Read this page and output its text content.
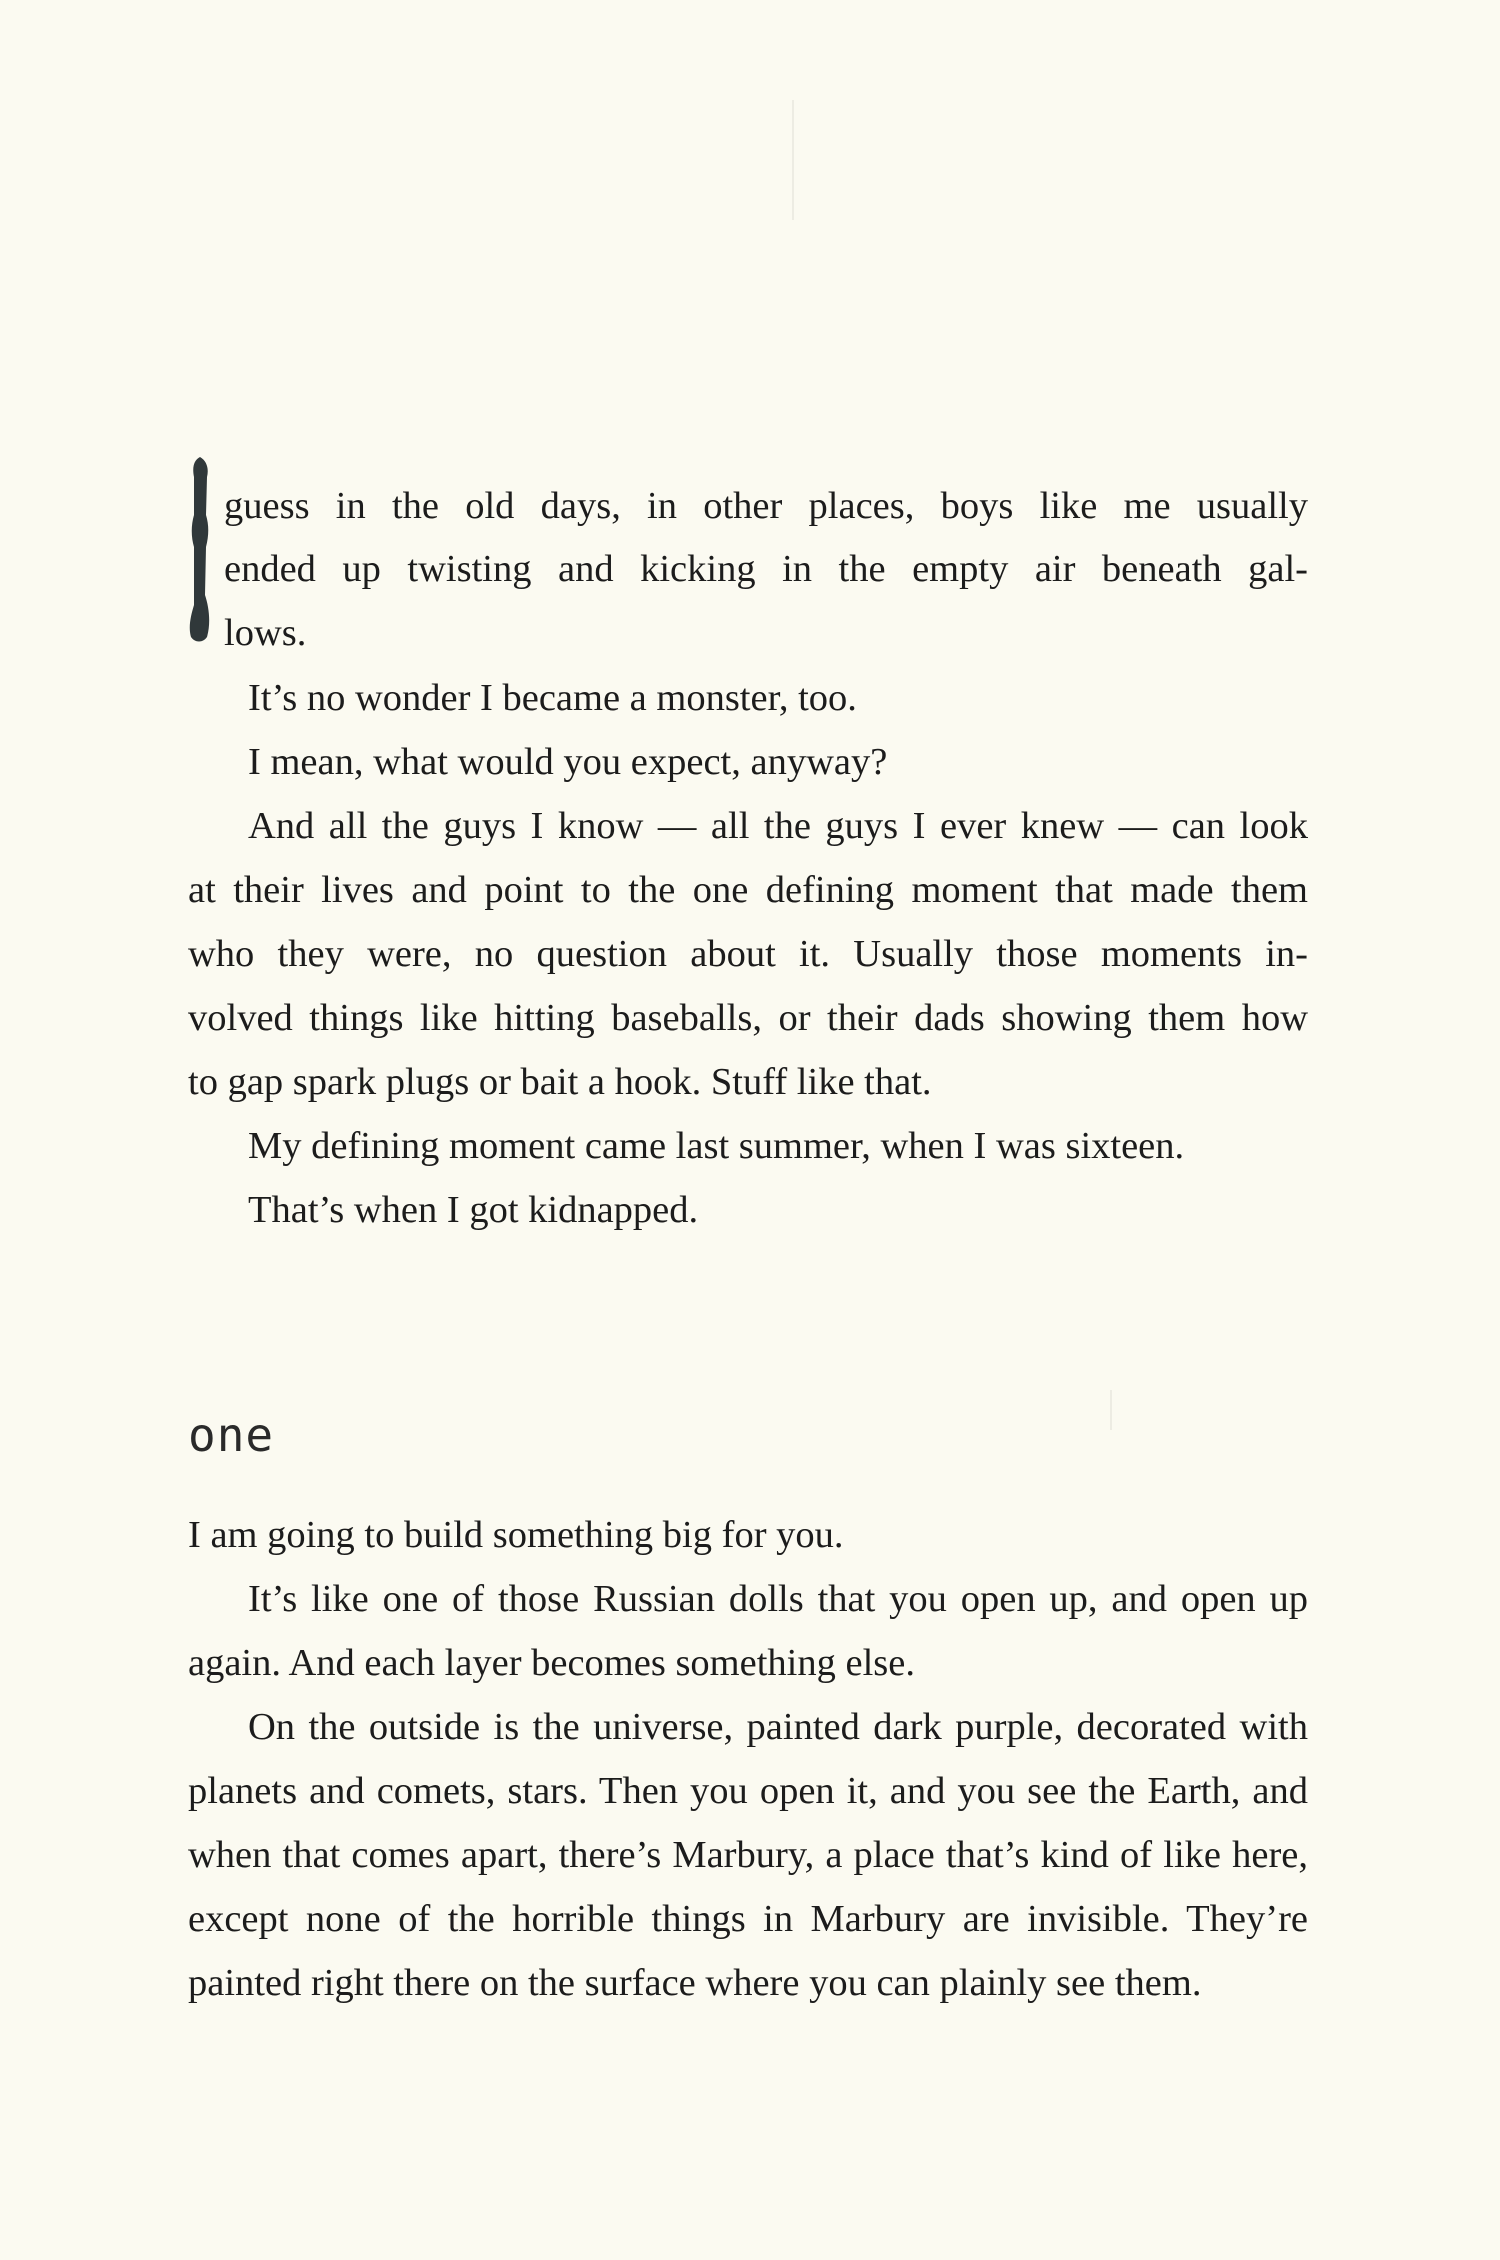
guess in the old days, in other places, boys like me usually
ended up twisting and kicking in the empty air beneath gal-
lows.
It’s no wonder I became a monster, too.
I mean, what would you expect, anyway?
And all the guys I know — all the guys I ever knew — can look
at their lives and point to the one defining moment that made them
who they were, no question about it. Usually those moments in-
volved things like hitting baseballs, or their dads showing them how
to gap spark plugs or bait a hook. Stuff like that.
My defining moment came last summer, when I was sixteen.
That’s when I got kidnapped.
one
I am going to build something big for you.
It’s like one of those Russian dolls that you open up, and open up
again. And each layer becomes something else.
On the outside is the universe, painted dark purple, decorated with
planets and comets, stars. Then you open it, and you see the Earth, and
when that comes apart, there’s Marbury, a place that’s kind of like here,
except none of the horrible things in Marbury are invisible. They’re
painted right there on the surface where you can plainly see them.
